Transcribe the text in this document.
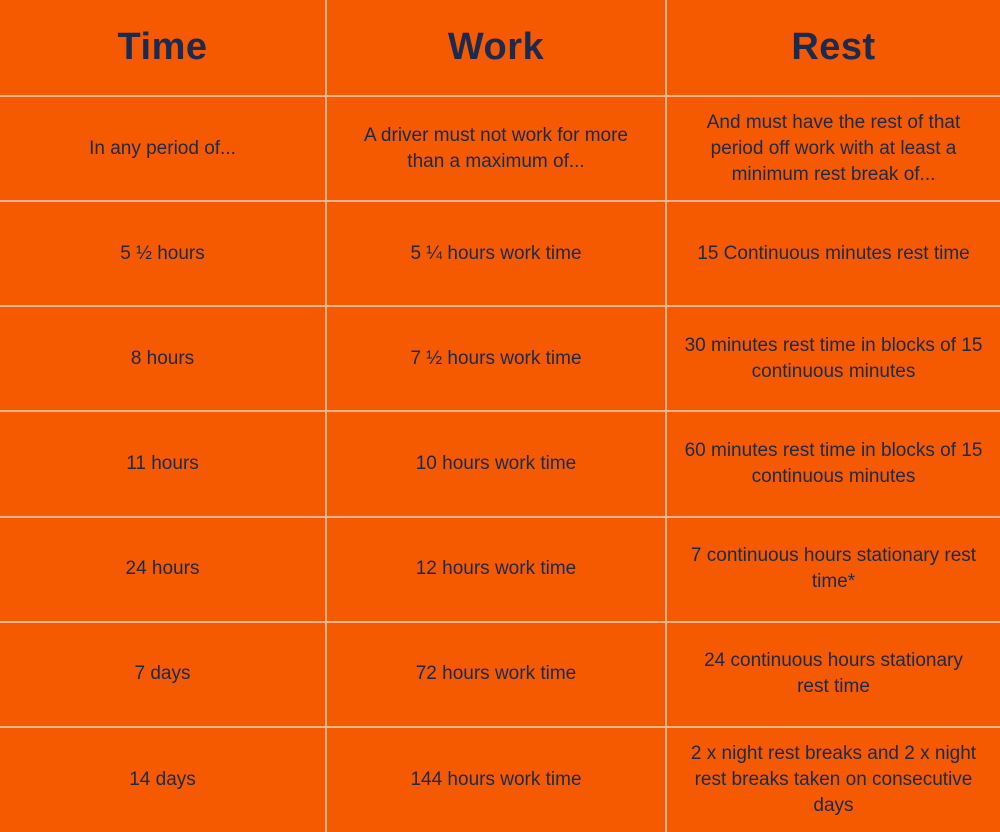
Time	Work	Rest
In any period of...	A driver must not work for more than a maximum of...	And must have the rest of that period off work with at least a minimum rest break of...
5 ½ hours	5 ¼ hours work time	15 Continuous minutes rest time
8 hours	7 ½ hours work time	30 minutes rest time in blocks of 15 continuous minutes
11 hours	10 hours work time	60 minutes rest time in blocks of 15 continuous minutes
24 hours	12 hours work time	7 continuous hours stationary rest time*
7 days	72 hours work time	24 continuous hours stationary rest time
14 days	144 hours work time	2 x night rest breaks and 2 x night rest breaks taken on consecutive days
